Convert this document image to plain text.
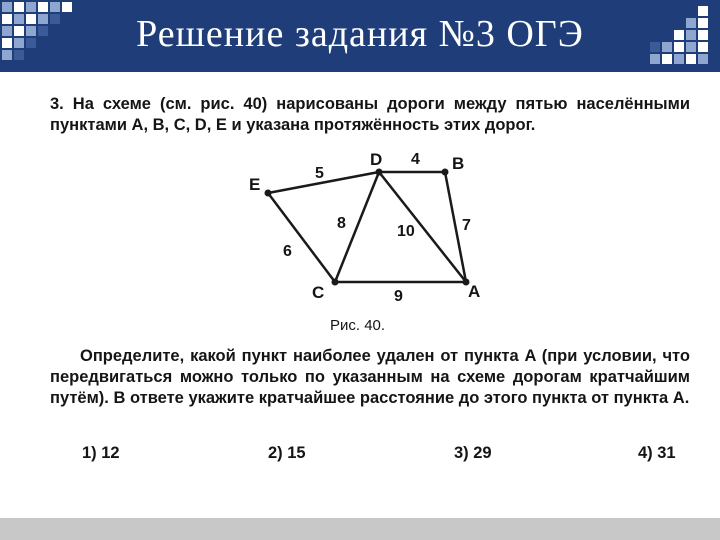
Решение задания №3 ОГЭ
3. На схеме (см. рис. 40) нарисованы дороги между пятью населёнными пунктами A, B, C, D, E и указана протяжённость этих дорог.
E
D	B
C	A
5
4
8	10	7
6
9
Рис. 40.
Определите, какой пункт наиболее удален от пункта A (при условии, что передвигаться можно только по указанным на схеме дорогам кратчайшим путём). В ответе укажите кратчайшее расстояние до этого пункта от пункта A.
1) 12	2) 15	3) 29	4) 31
